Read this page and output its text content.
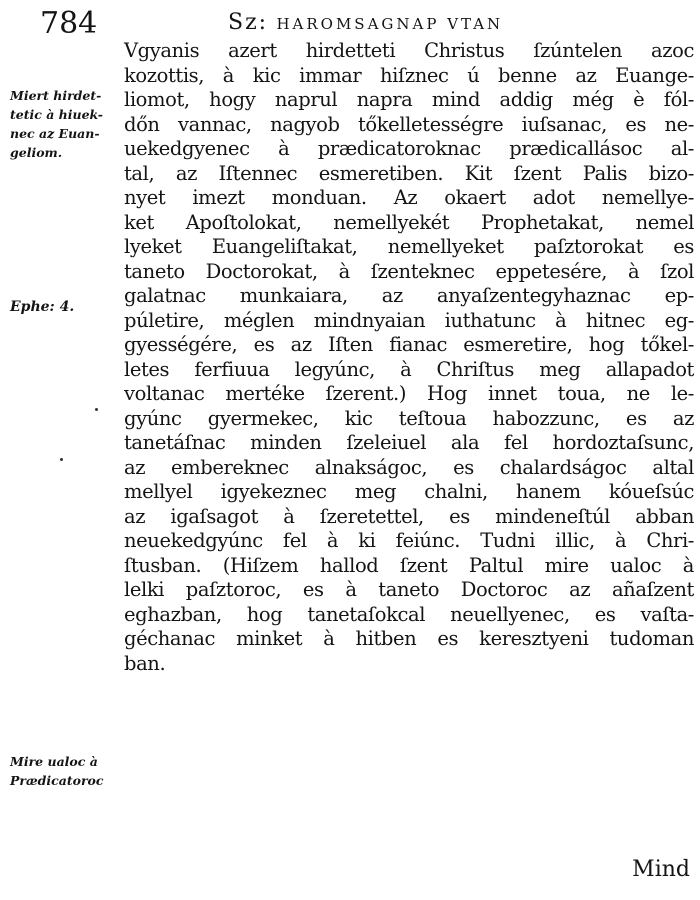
784	Sz: HAROMSAGNAP VTAN
Miert hirdet-
tetic à hiuek-
nec az Euan-
geliom.
Ephe: 4.
Mire ualoc à
Prædicatoroc
Vgyanis azert hirdetteti Christus ſzúntelen azoc
kozottis, à kic immar hiſznec ú benne az Euange-
liomot, hogy naprul napra mind addig még è fól-
dőn vannac, nagyob tőkelletességre iuſsanac, es ne-
uekedgyenec à prædicatoroknac prædicallásoc al-
tal, az Iſtennec esmeretiben. Kit ſzent Palis bizo-
nyet imezt monduan. Az okaert adot nemellye-
ket Apoſtolokat, nemellyekét Prophetakat, nemel
lyeket Euangeliſtakat, nemellyeket paſztorokat es
taneto Doctorokat, à ſzenteknec eppetesére, à ſzol
galatnac munkaiara, az anyaſzentegyhaznac ep-
púletire, méglen mindnyaian iuthatunc à hitnec eg-
gyességére, es az Iſten fianac esmeretire, hog tőkel-
letes ferfiuua legyúnc, à Chriſtus meg allapadot
voltanac mertéke ſzerent.) Hog innet toua, ne le-
gyúnc gyermekec, kic teſtoua habozzunc, es az
tanetáſnac minden ſzeleiuel ala fel hordoztaſsunc,
az embereknec alnakságoc, es chalardságoc altal
mellyel igyekeznec meg chalni, hanem kóueſsúc
az igaſsagot à ſzeretettel, es mindeneſtúl abban
neuekedgyúnc fel à ki feiúnc. Tudni illic, à Chri-
ſtusban. (Hiſzem hallod ſzent Paltul mire ualoc à
lelki paſztoroc, es à taneto Doctoroc az añaſzent
eghazban, hog tanetaſokcal neuellyenec, es vaſta-
géchanac minket à hitben es keresztyeni tudoman
ban.
Mind
